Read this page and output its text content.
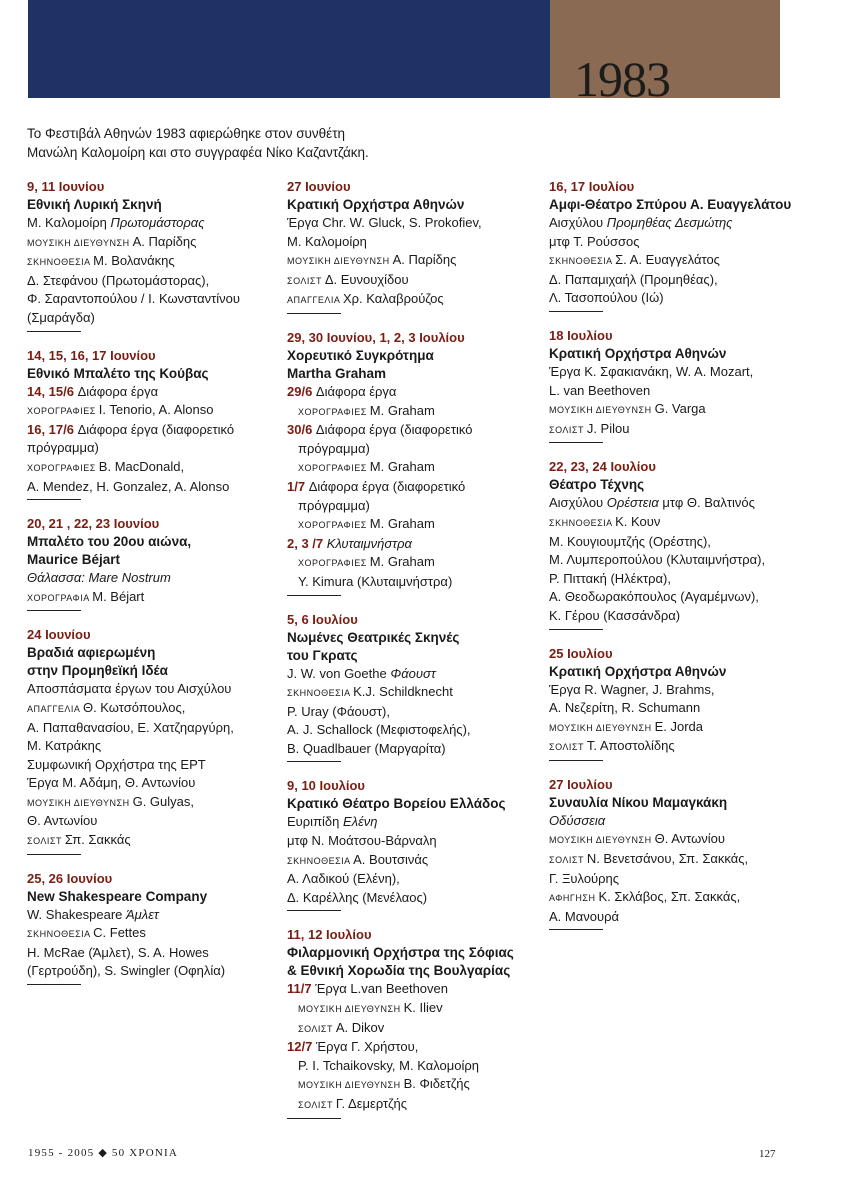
1983
Το Φεστιβάλ Αθηνών 1983 αφιερώθηκε στον συνθέτη
Μανώλη Καλομοίρη και στο συγγραφέα Νίκο Καζαντζάκη.
9, 11 Ιουνίου
Εθνική Λυρική Σκηνή
Μ. Καλομοίρη Πρωτομάστορας
ΜΟΥΣΙΚΗ ΔΙΕΥΘΥΝΣΗ Α. Παρίδης
ΣΚΗΝΟΘΕΣΙΑ Μ. Βολανάκης
Δ. Στεφάνου (Πρωτομάστορας),
Φ. Σαραντοπούλου / Ι. Κωνσταντίνου
(Σμαράγδα)
14, 15, 16, 17 Ιουνίου
Εθνικό Μπαλέτο της Κούβας
14, 15/6 Διάφορα έργα
ΧΟΡΟΓΡΑΦΙΕΣ I. Tenorio, A. Alonso
16, 17/6 Διάφορα έργα (διαφορετικό
πρόγραμμα)
ΧΟΡΟΓΡΑΦΙΕΣ B. MacDonald,
A. Mendez, H. Gonzalez, A. Alonso
20, 21 , 22, 23 Ιουνίου
Μπαλέτο του 20ου αιώνα,
Maurice Béjart
Θάλασσα: Mare Nostrum
ΧΟΡΟΓΡΑΦΙΑ M. Béjart
24 Ιουνίου
Βραδιά αφιερωμένη
στην Προμηθεϊκή Ιδέα
Αποσπάσματα έργων του Αισχύλου
ΑΠΑΓΓΕΛΙΑ Θ. Κωτσόπουλος,
Α. Παπαθανασίου, Ε. Χατζηαργύρη,
Μ. Κατράκης
Συμφωνική Ορχήστρα της ΕΡΤ
Έργα Μ. Αδάμη, Θ. Αντωνίου
ΜΟΥΣΙΚΗ ΔΙΕΥΘΥΝΣΗ G. Gulyas,
Θ. Αντωνίου
ΣΟΛΙΣΤ Σπ. Σακκάς
25, 26 Ιουνίου
New Shakespeare Company
W. Shakespeare Άμλετ
ΣΚΗΝΟΘΕΣΙΑ C. Fettes
H. McRae (Άμλετ), S. A. Howes
(Γερτρούδη), S. Swingler (Οφηλία)
27 Ιουνίου
Κρατική Ορχήστρα Αθηνών
Έργα Chr. W. Gluck, S. Prokofiev,
Μ. Καλομοίρη
ΜΟΥΣΙΚΗ ΔΙΕΥΘΥΝΣΗ Α. Παρίδης
ΣΟΛΙΣΤ Δ. Ευνουχίδου
ΑΠΑΓΓΕΛΙΑ Χρ. Καλαβρούζος
29, 30 Ιουνίου, 1, 2, 3 Ιουλίου
Χορευτικό Συγκρότημα
Martha Graham
29/6 Διάφορα έργα
ΧΟΡΟΓΡΑΦΙΕΣ M. Graham
30/6 Διάφορα έργα (διαφορετικό
πρόγραμμα)
ΧΟΡΟΓΡΑΦΙΕΣ M. Graham
1/7 Διάφορα έργα (διαφορετικό
πρόγραμμα)
ΧΟΡΟΓΡΑΦΙΕΣ M. Graham
2, 3 /7 Κλυταιμνήστρα
ΧΟΡΟΓΡΑΦΙΕΣ M. Graham
Y. Kimura (Κλυταιμνήστρα)
5, 6 Ιουλίου
Νωμένες Θεατρικές Σκηνές
του Γκρατς
J. W. von Goethe Φάουστ
ΣΚΗΝΟΘΕΣΙΑ K.J. Schildknecht
P. Uray (Φάουστ),
A. J. Schallock (Μεφιστοφελής),
B. Quadlbauer (Μαργαρίτα)
9, 10 Ιουλίου
Κρατικό Θέατρο Βορείου Ελλάδος
Ευριπίδη Ελένη
μτφ Ν. Μοάτσου-Βάρναλη
ΣΚΗΝΟΘΕΣΙΑ Α. Βουτσινάς
Α. Λαδικού (Ελένη),
Δ. Καρέλλης (Μενέλαος)
11, 12 Ιουλίου
Φιλαρμονική Ορχήστρα της Σόφιας
& Εθνική Χορωδία της Βουλγαρίας
11/7 Έργα L.van Beethoven
ΜΟΥΣΙΚΗ ΔΙΕΥΘΥΝΣΗ K. Iliev
ΣΟΛΙΣΤ A. Dikov
12/7 Έργα Γ. Χρήστου,
P. I. Tchaikovsky, Μ. Καλομοίρη
ΜΟΥΣΙΚΗ ΔΙΕΥΘΥΝΣΗ Β. Φιδετζής
ΣΟΛΙΣΤ Γ. Δεμερτζής
16, 17 Ιουλίου
Αμφι-Θέατρο Σπύρου Α. Ευαγγελάτου
Αισχύλου Προμηθέας Δεσμώτης
μτφ Τ. Ρούσσος
ΣΚΗΝΟΘΕΣΙΑ Σ. Α. Ευαγγελάτος
Δ. Παπαμιχαήλ (Προμηθέας),
Λ. Τασοπούλου (Ιώ)
18 Ιουλίου
Κρατική Ορχήστρα Αθηνών
Έργα Κ. Σφακιανάκη, W. A. Mozart,
L. van Beethoven
ΜΟΥΣΙΚΗ ΔΙΕΥΘΥΝΣΗ G. Varga
ΣΟΛΙΣΤ J. Pilou
22, 23, 24 Ιουλίου
Θέατρο Τέχνης
Αισχύλου Ορέστεια μτφ Θ. Βαλτινός
ΣΚΗΝΟΘΕΣΙΑ Κ. Κουν
Μ. Κουγιουμτζής (Ορέστης),
Μ. Λυμπεροπούλου (Κλυταιμνήστρα),
Ρ. Πιττακή (Ηλέκτρα),
Α. Θεοδωρακόπουλος (Αγαμέμνων),
Κ. Γέρου (Κασσάνδρα)
25 Ιουλίου
Κρατική Ορχήστρα Αθηνών
Έργα R. Wagner, J. Brahms,
Α. Νεζερίτη, R. Schumann
ΜΟΥΣΙΚΗ ΔΙΕΥΘΥΝΣΗ E. Jorda
ΣΟΛΙΣΤ Τ. Αποστολίδης
27 Ιουλίου
Συναυλία Νίκου Μαμαγκάκη
Οδύσσεια
ΜΟΥΣΙΚΗ ΔΙΕΥΘΥΝΣΗ Θ. Αντωνίου
ΣΟΛΙΣΤ Ν. Βενετσάνου, Σπ. Σακκάς,
Γ. Ξυλούρης
ΑΦΗΓΗΣΗ Κ. Σκλάβος, Σπ. Σακκάς,
Α. Μανουρά
1955 - 2005 ◆ 50 ΧΡΟΝΙΑ	127
